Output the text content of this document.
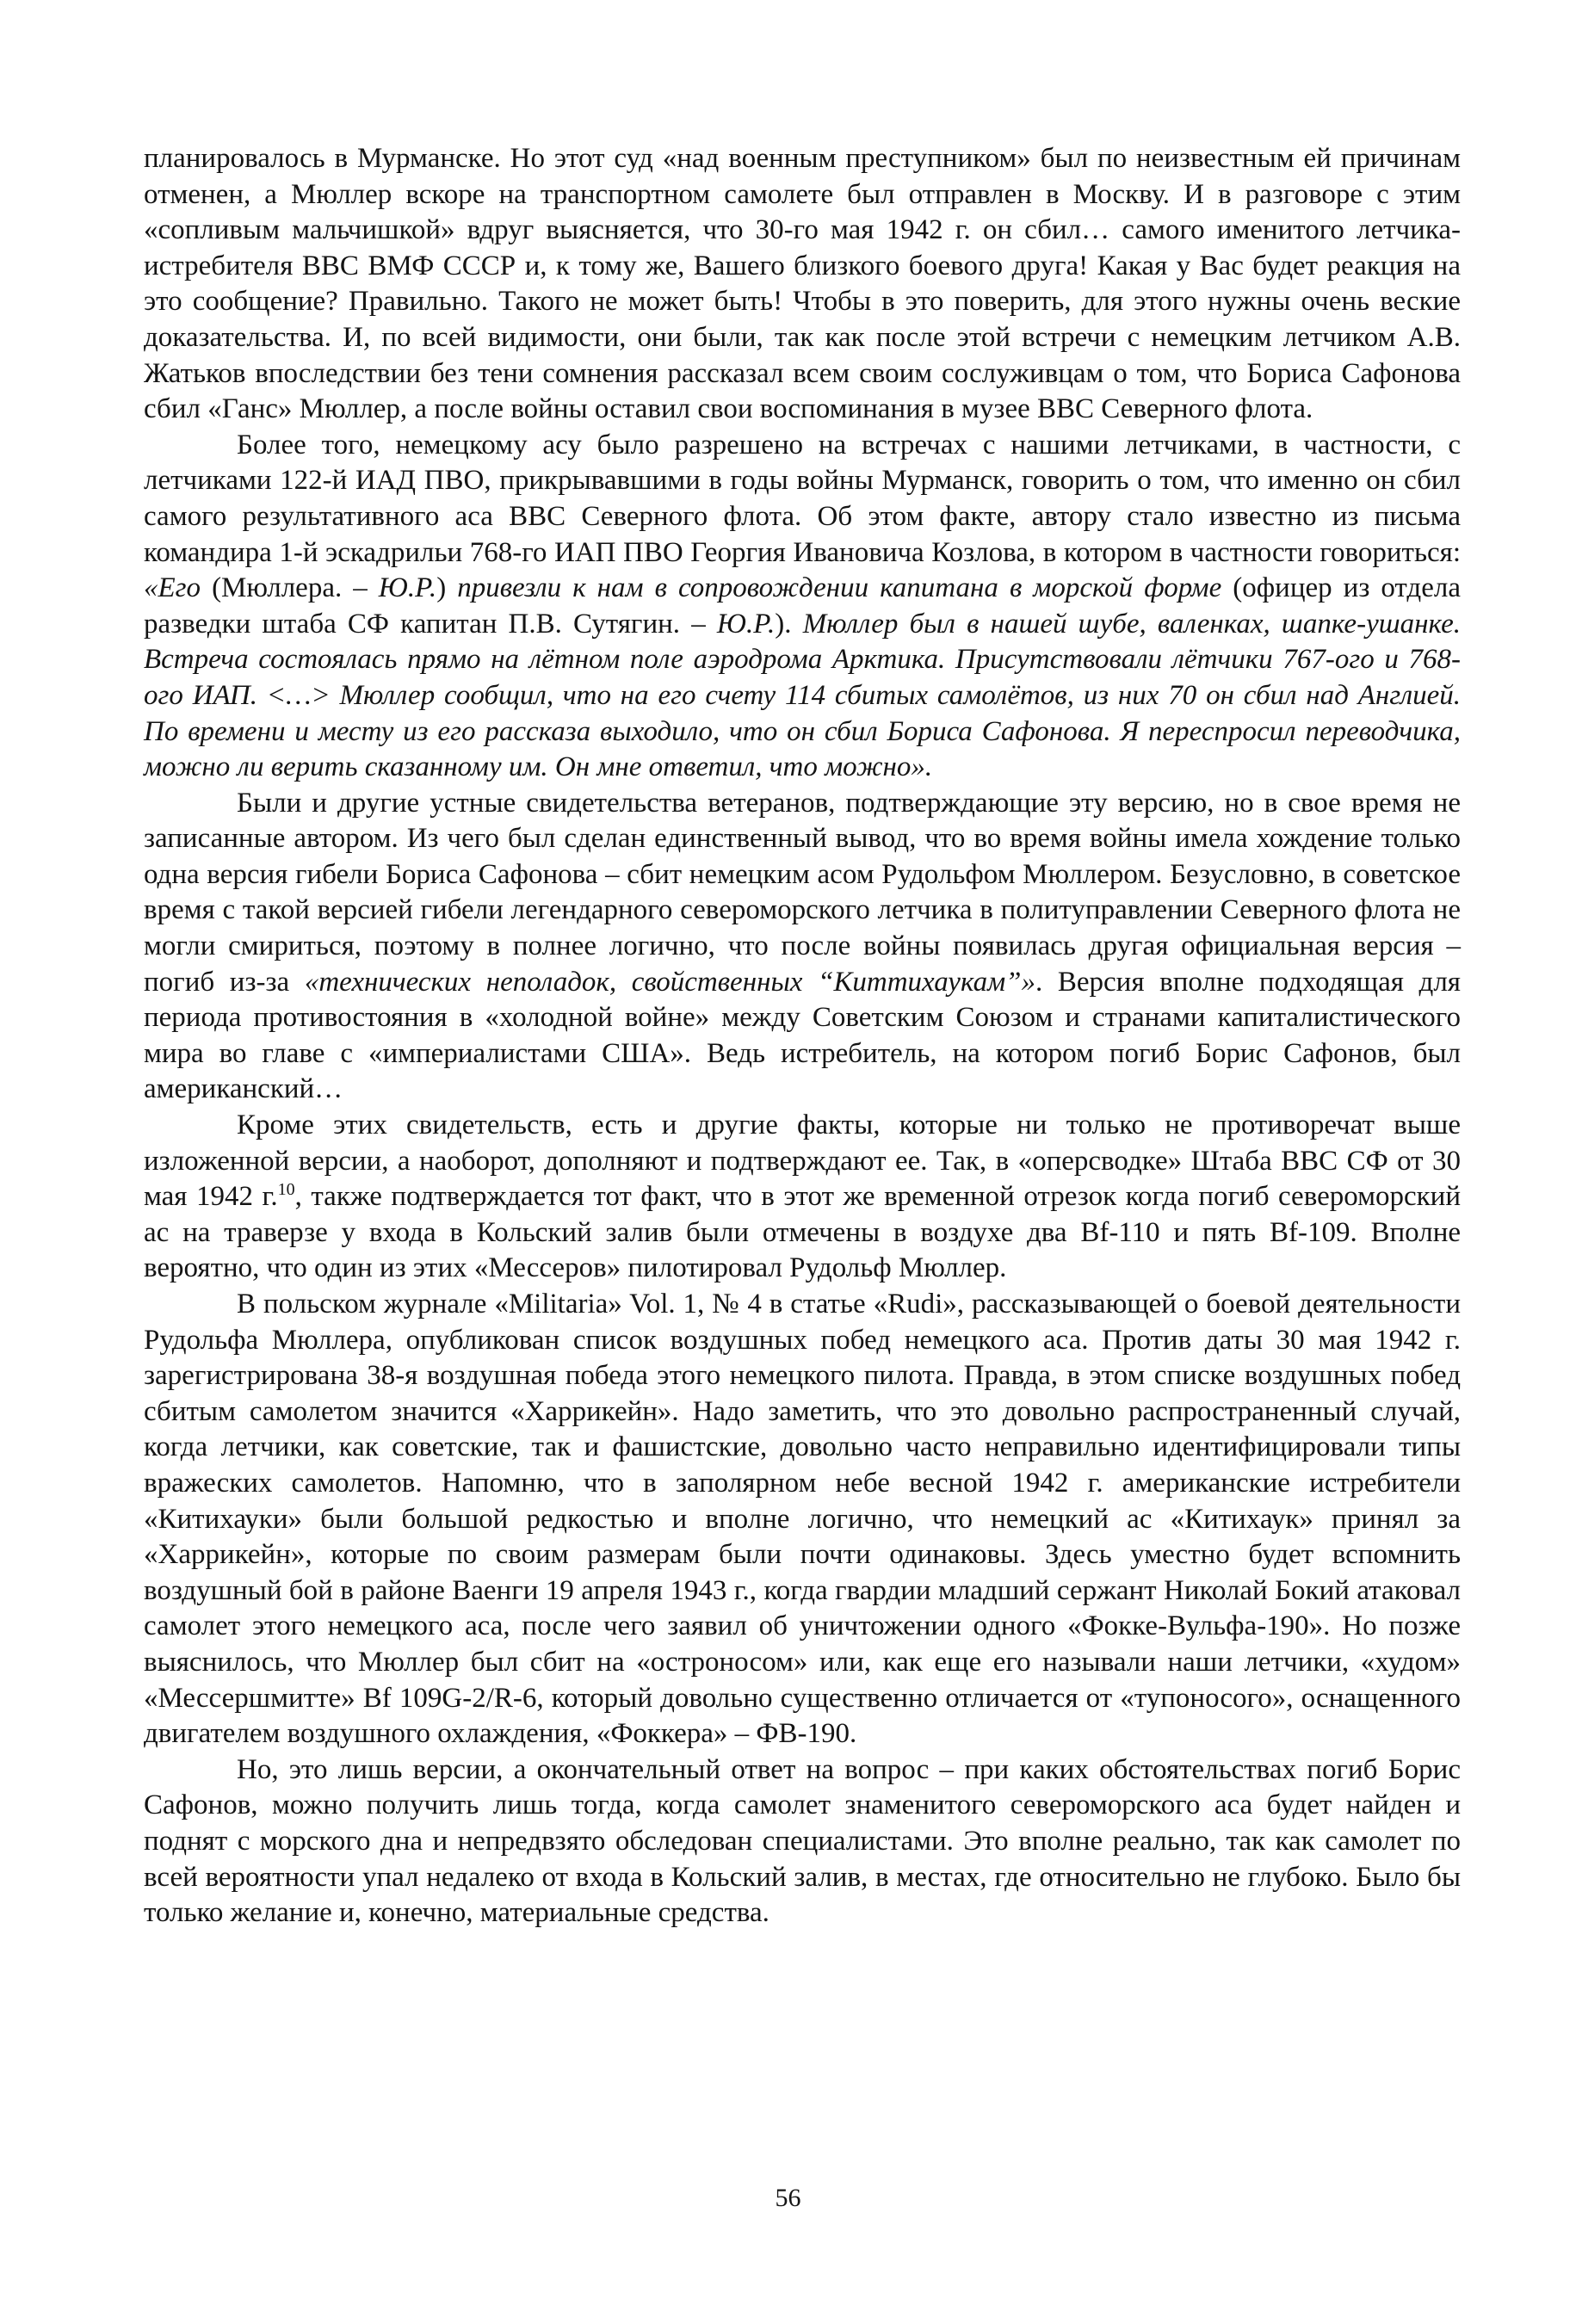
планировалось в Мурманске. Но этот суд «над военным преступником» был по неизвестным ей причинам отменен, а Мюллер вскоре на транспортном самолете был отправлен в Москву. И в разговоре с этим «сопливым мальчишкой» вдруг выясняется, что 30-го мая 1942 г. он сбил… самого именитого летчика-истребителя ВВС ВМФ СССР и, к тому же, Вашего близкого боевого друга! Какая у Вас будет реакция на это сообщение? Правильно. Такого не может быть! Чтобы в это поверить, для этого нужны очень веские доказательства. И, по всей видимости, они были, так как после этой встречи с немецким летчиком А.В. Жатьков впоследствии без тени сомнения рассказал всем своим сослуживцам о том, что Бориса Сафонова сбил «Ганс» Мюллер, а после войны оставил свои воспоминания в музее ВВС Северного флота.

Более того, немецкому асу было разрешено на встречах с нашими летчиками, в частности, с летчиками 122-й ИАД ПВО, прикрывавшими в годы войны Мурманск, говорить о том, что именно он сбил самого результативного аса ВВС Северного флота. Об этом факте, автору стало известно из письма командира 1-й эскадрильи 768-го ИАП ПВО Георгия Ивановича Козлова, в котором в частности говориться: «Его (Мюллера. – Ю.Р.) привезли к нам в сопровождении капитана в морской форме (офицер из отдела разведки штаба СФ капитан П.В. Сутягин. – Ю.Р.). Мюллер был в нашей шубе, валенках, шапке-ушанке. Встреча состоялась прямо на лётном поле аэродрома Арктика. Присутствовали лётчики 767-ого и 768-ого ИАП. <…> Мюллер сообщил, что на его счету 114 сбитых самолётов, из них 70 он сбил над Англией. По времени и месту из его рассказа выходило, что он сбил Бориса Сафонова. Я переспросил переводчика, можно ли верить сказанному им. Он мне ответил, что можно».

Были и другие устные свидетельства ветеранов, подтверждающие эту версию, но в свое время не записанные автором. Из чего был сделан единственный вывод, что во время войны имела хождение только одна версия гибели Бориса Сафонова – сбит немецким асом Рудольфом Мюллером. Безусловно, в советское время с такой версией гибели легендарного североморского летчика в политуправлении Северного флота не могли смириться, поэтому в полнее логично, что после войны появилась другая официальная версия – погиб из-за «технических неполадок, свойственных “Киттихаукам”». Версия вполне подходящая для периода противостояния в «холодной войне» между Советским Союзом и странами капиталистического мира во главе с «империалистами США». Ведь истребитель, на котором погиб Борис Сафонов, был американский…

Кроме этих свидетельств, есть и другие факты, которые ни только не противоречат выше изложенной версии, а наоборот, дополняют и подтверждают ее. Так, в «оперсводке» Штаба ВВС СФ от 30 мая 1942 г.$^{10}$, также подтверждается тот факт, что в этот же временной отрезок когда погиб североморский ас на траверзе у входа в Кольский залив были отмечены в воздухе два Bf-110 и пять Bf-109. Вполне вероятно, что один из этих «Мессеров» пилотировал Рудольф Мюллер.

В польском журнале «Militaria» Vol. 1, № 4 в статье «Rudi», рассказывающей о боевой деятельности Рудольфа Мюллера, опубликован список воздушных побед немецкого аса. Против даты 30 мая 1942 г. зарегистрирована 38-я воздушная победа этого немецкого пилота. Правда, в этом списке воздушных побед сбитым самолетом значится «Харрикейн». Надо заметить, что это довольно распространенный случай, когда летчики, как советские, так и фашистские, довольно часто неправильно идентифицировали типы вражеских самолетов. Напомню, что в заполярном небе весной 1942 г. американские истребители «Китихауки» были большой редкостью и вполне логично, что немецкий ас «Китихаук» принял за «Харрикейн», которые по своим размерам были почти одинаковы. Здесь уместно будет вспомнить воздушный бой в районе Ваенги 19 апреля 1943 г., когда гвардии младший сержант Николай Бокий атаковал самолет этого немецкого аса, после чего заявил об уничтожении одного «Фокке-Вульфа-190». Но позже выяснилось, что Мюллер был сбит на «остроносом» или, как еще его называли наши летчики, «худом» «Мессершмитте» Bf 109G-2/R-6, который довольно существенно отличается от «тупоносого», оснащенного двигателем воздушного охлаждения, «Фоккера» – ФВ-190.

Но, это лишь версии, а окончательный ответ на вопрос – при каких обстоятельствах погиб Борис Сафонов, можно получить лишь тогда, когда самолет знаменитого североморского аса будет найден и поднят с морского дна и непредвзято обследован специалистами. Это вполне реально, так как самолет по всей вероятности упал недалеко от входа в Кольский залив, в местах, где относительно не глубоко. Было бы только желание и, конечно, материальные средства.

56
